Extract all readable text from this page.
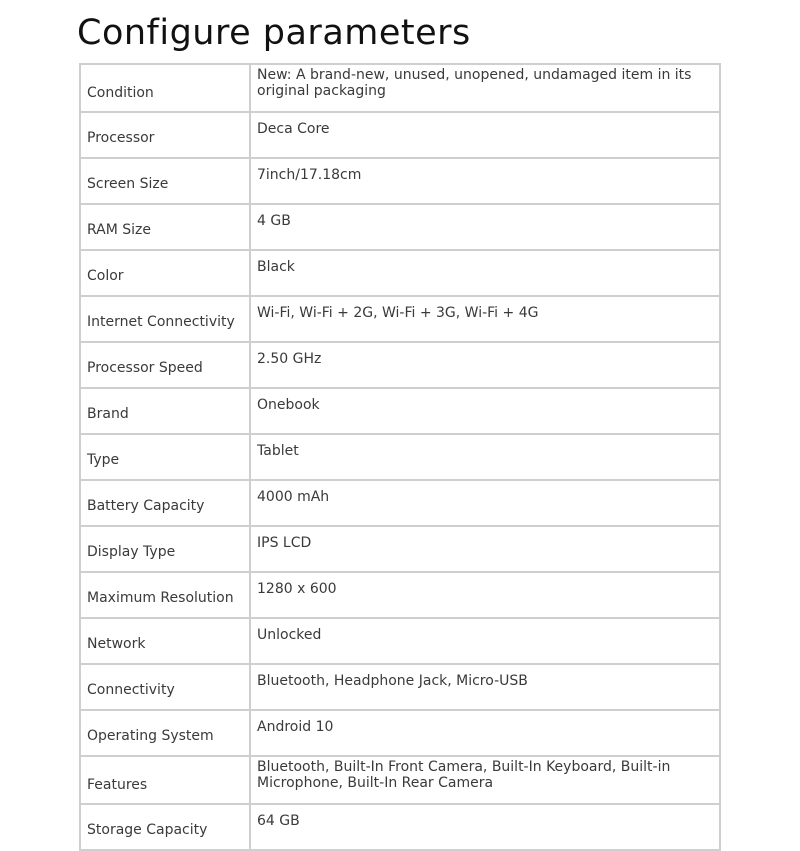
Configure parameters
Condition	New: A brand-new, unused, unopened, undamaged item in its original packaging
Processor	Deca Core
Screen Size	7inch/17.18cm
RAM Size	4 GB
Color	Black
Internet Connectivity	Wi-Fi, Wi-Fi + 2G, Wi-Fi + 3G, Wi-Fi + 4G
Processor Speed	2.50 GHz
Brand	Onebook
Type	Tablet
Battery Capacity	4000 mAh
Display Type	IPS LCD
Maximum Resolution	1280 x 600
Network	Unlocked
Connectivity	Bluetooth, Headphone Jack, Micro-USB
Operating System	Android 10
Features	Bluetooth, Built-In Front Camera, Built-In Keyboard, Built-in Microphone, Built-In Rear Camera
Storage Capacity	64 GB
